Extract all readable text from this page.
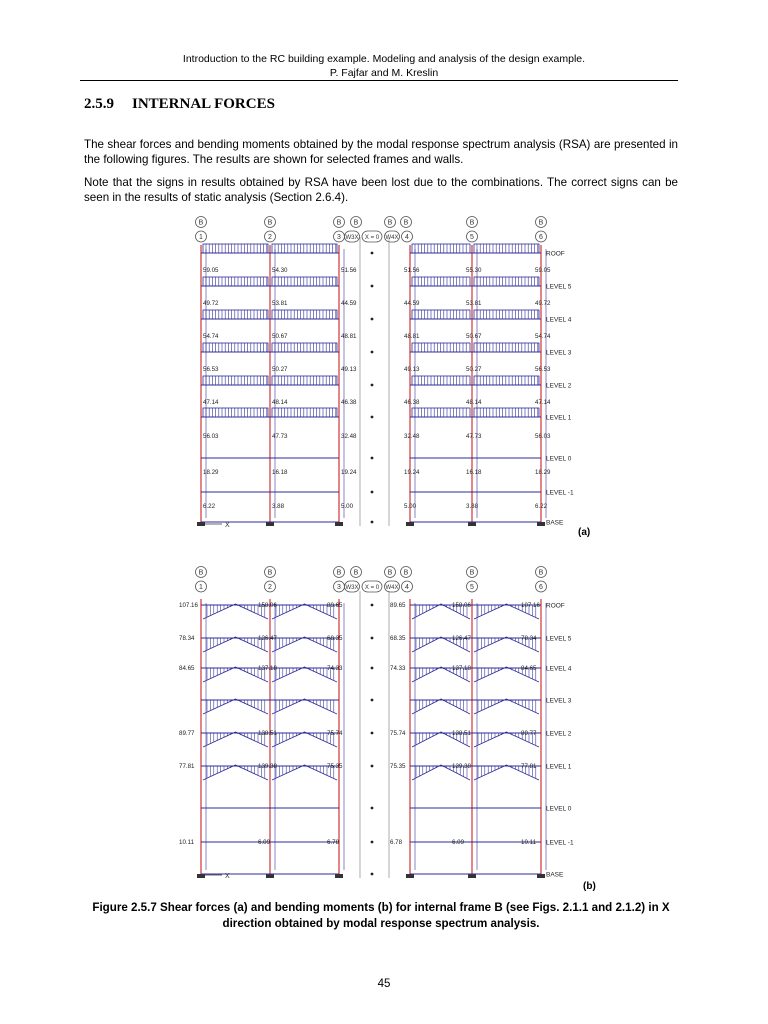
Introduction to the RC building example. Modeling and analysis of the design example.
P. Fajfar and M. Kreslin
2.5.9 INTERNAL FORCES
The shear forces and bending moments obtained by the modal response spectrum analysis (RSA) are presented in the following figures. The results are shown for selected frames and walls.
Note that the signs in results obtained by RSA have been lost due to the combinations. The correct signs can be seen in the results of static analysis (Section 2.6.4).
B	B	B B	B B	B	B
1	2	3 W3X X = 0 W4X 4	5	6
ROOF
LEVEL 5
LEVEL 4
LEVEL 3
LEVEL 2
LEVEL 1
LEVEL 0
LEVEL -1
BASE
59.05	54.30	51.56	51.56	55.30	59.05
49.72	53.81	44.59	44.59	53.81	49.72
54.74	50.67	48.81	48.81	50.67	54.74
56.53	50.27	49.13	49.13	50.27	56.53
47.14	48.14	46.38	46.38	48.14	47.14
56.03	47.73	32.48	32.48	47.73	56.03
18.29	16.18	19.24	19.24	16.18	18.29
6.22	3.88	5.00	5.00	3.88	6.22
X
(a)
B	B	B B	B B	B	B
1	2	3 W3X X = 0 W4X 4	5	6
ROOF
LEVEL 5
LEVEL 4
LEVEL 3
LEVEL 2
LEVEL 1
LEVEL 0
LEVEL -1
BASE
107.16	158.06	89.65	89.65	158.06	107.16
78.34	126.47	68.35	68.35	126.47	78.34
84.65	137.18	74.33	74.33	137.18	84.65
89.77	138.51	75.74	75.74	138.51	89.77
77.81	139.38	75.35	75.35	139.38	77.81
10.11	6.09	6.78	6.78	6.09	10.11
X
(b)
Figure 2.5.7 Shear forces (a) and bending moments (b) for internal frame B (see Figs. 2.1.1 and 2.1.2) in X direction obtained by modal response spectrum analysis.
45
